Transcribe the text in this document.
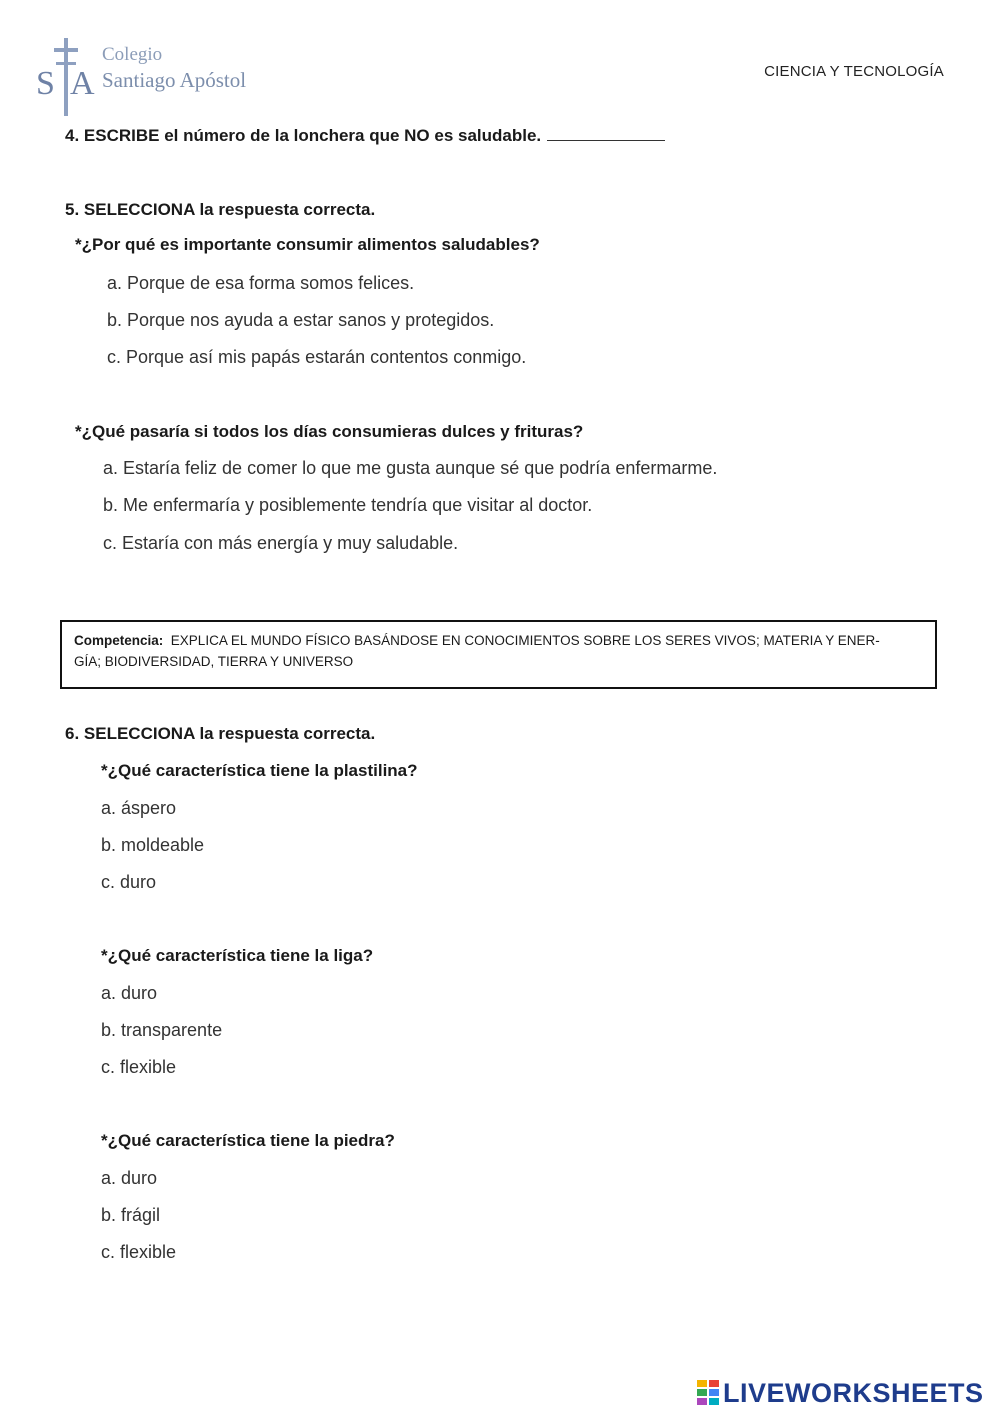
S A
Colegio
Santiago Apóstol	CIENCIA Y TECNOLOGÍA
4. ESCRIBE el número de la lonchera que NO es saludable.
5. SELECCIONA la respuesta correcta.
*¿Por qué es importante consumir alimentos saludables?
a. Porque de esa forma somos felices.
b. Porque nos ayuda a estar sanos y protegidos.
c. Porque así mis papás estarán contentos conmigo.
*¿Qué pasaría si todos los días consumieras dulces y frituras?
a. Estaría feliz de comer lo que me gusta aunque sé que podría enfermarme.
b. Me enfermaría y posiblemente tendría que visitar al doctor.
c. Estaría con más energía y muy saludable.
Competencia: EXPLICA EL MUNDO FÍSICO BASÁNDOSE EN CONOCIMIENTOS SOBRE LOS SERES VIVOS; MATERIA Y ENER-
GÍA; BIODIVERSIDAD, TIERRA Y UNIVERSO
6. SELECCIONA la respuesta correcta.
*¿Qué característica tiene la plastilina?
a. áspero
b. moldeable
c. duro
*¿Qué característica tiene la liga?
a. duro
b. transparente
c. flexible
*¿Qué característica tiene la piedra?
a. duro
b. frágil
c. flexible
LIVEWORKSHEETS
